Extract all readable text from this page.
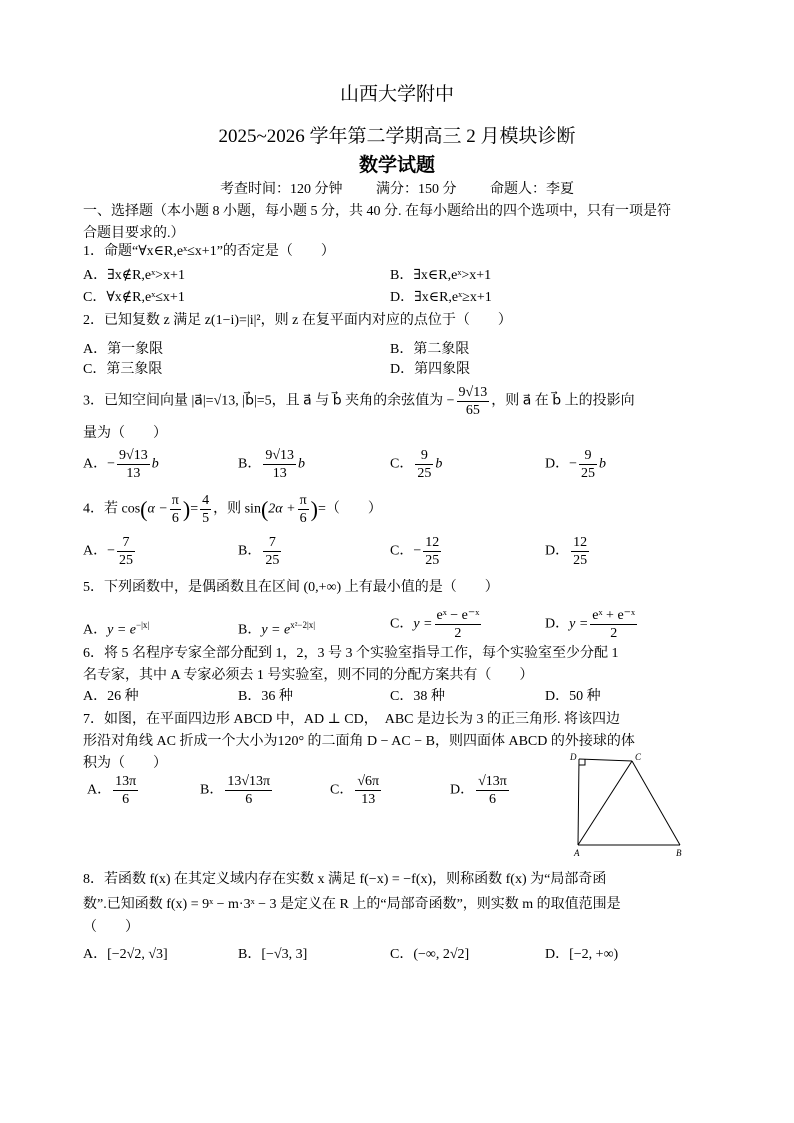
山西大学附中
2025~2026 学年第二学期高三 2 月模块诊断
数学试题
考查时间：120 分钟 满分：150 分 命题人：李夏
一、选择题（本小题 8 小题，每小题 5 分，共 40 分. 在每小题给出的四个选项中，只有一项是符合题目要求的.）
1．命题“∀x∈R,eˣ≤x+1”的否定是（　　）
A．∃x∉R,eˣ>x+1	B．∃x∈R,eˣ>x+1
C．∀x∉R,eˣ≤x+1	D．∃x∈R,eˣ≥x+1
2．已知复数 z 满足 z(1−i)=|i|²，则 z 在复平面内对应的点位于（　　）
A．第一象限	B．第二象限
C．第三象限	D．第四象限
3．已知空间向量 |a⃗|=√13, |b⃗|=5，且 a⃗ 与 b⃗ 夹角的余弦值为 − $\frac{9√13}{65}$ ，则 a⃗ 在 b⃗ 上的投影向
量为（　　）
A．− $\frac{9√13}{13}$ b⃗	B． $\frac{9√13}{13}$ b⃗	C． $\frac{9}{25}$ b⃗	D．− $\frac{9}{25}$ b⃗
4．若 $\cos(\alpha - \frac{\pi}{6}$ )= $\frac{4}{5}$ ，则 $\sin(2\alpha + \frac{\pi}{6}$ )=（　　）
A．− $\frac{7}{25}$	B． $\frac{7}{25}$	C．− $\frac{12}{25}$	D． $\frac{12}{25}$
5．下列函数中，是偶函数且在区间 (0,+∞) 上有最小值的是（　　）
A．$y = e^{-|x|}$	B．$y = e^{x^2-2|x|}$	C．$y = \frac{\text{eˣ − e⁻ˣ}}{2}$	D．$y = \frac{\text{eˣ + e⁻ˣ}}{2}$
6．将 5 名程序专家全部分配到 1，2，3 号 3 个实验室指导工作，每个实验室至少分配 1
名专家，其中 A 专家必须去 1 号实验室，则不同的分配方案共有（　　）
A．26 种	B．36 种	C．38 种	D．50 种
7．如图，在平面四边形 ABCD 中，AD ⊥ CD，　ABC 是边长为 3 的正三角形. 将该四边
形沿对角线 AC 折成一个大小为120° 的二面角 D − AC − B，则四面体 ABCD 的外接球的体
积为（　　）
A． $\frac{13\pi}{6}$	B． $\frac{13√13\pi}{6}$	C． $\frac{√6\pi}{13}$	D． $\frac{√13\pi}{6}$
D	C
A	B
8．若函数 f(x) 在其定义域内存在实数 x 满足 f(−x) = −f(x)，则称函数 f(x) 为“局部奇函
数”.已知函数 f(x) = 9ˣ − m·3ˣ − 3 是定义在 R 上的“局部奇函数”，则实数 m 的取值范围是
（　　）
A．[−2√2, √3]	B．[−√3, 3]	C．(−∞, 2√2]	D．[−2, +∞)
